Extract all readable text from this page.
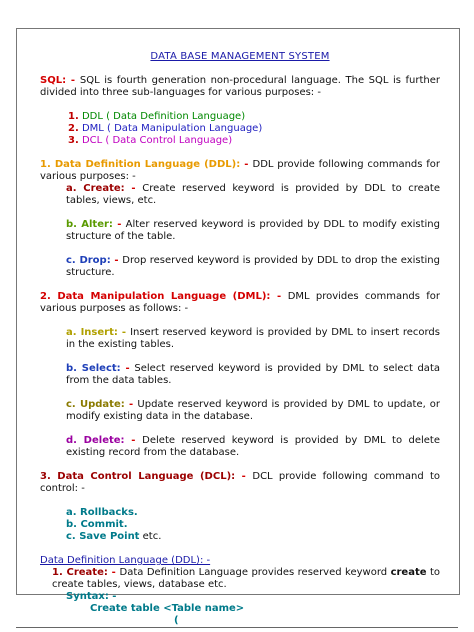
DATA BASE MANAGEMENT SYSTEM

SQL: - SQL is fourth generation non-procedural language. The SQL is further divided into three sub-languages for various purposes: -

1. DDL ( Data Definition Language)
2. DML ( Data Manipulation Language)
3. DCL ( Data Control Language)

1. Data Definition Language (DDL): - DDL provide following commands for various purposes: -

a. Create: - Create reserved keyword is provided by DDL to create tables, views, etc.

b. Alter: - Alter reserved keyword is provided by DDL to modify existing structure of the table.

c. Drop: - Drop reserved keyword is provided by DDL to drop the existing structure.

2. Data Manipulation Language (DML): - DML provides commands for various purposes as follows: -

a. Insert: - Insert reserved keyword is provided by DML to insert records in the existing tables.

b. Select: - Select reserved keyword is provided by DML to select data from the data tables.

c. Update: - Update reserved keyword is provided by DML to update, or modify existing data in the database.

d. Delete: - Delete reserved keyword is provided by DML to delete existing record from the database.

3. Data Control Language (DCL): - DCL provide following command to control: -

a. Rollbacks.
b. Commit.
c. Save Point etc.
Data Definition Language (DDL): -

1. Create: - Data Definition Language provides reserved keyword create to create tables, views, database etc.

Syntax: -
Create table <Table name>
(
